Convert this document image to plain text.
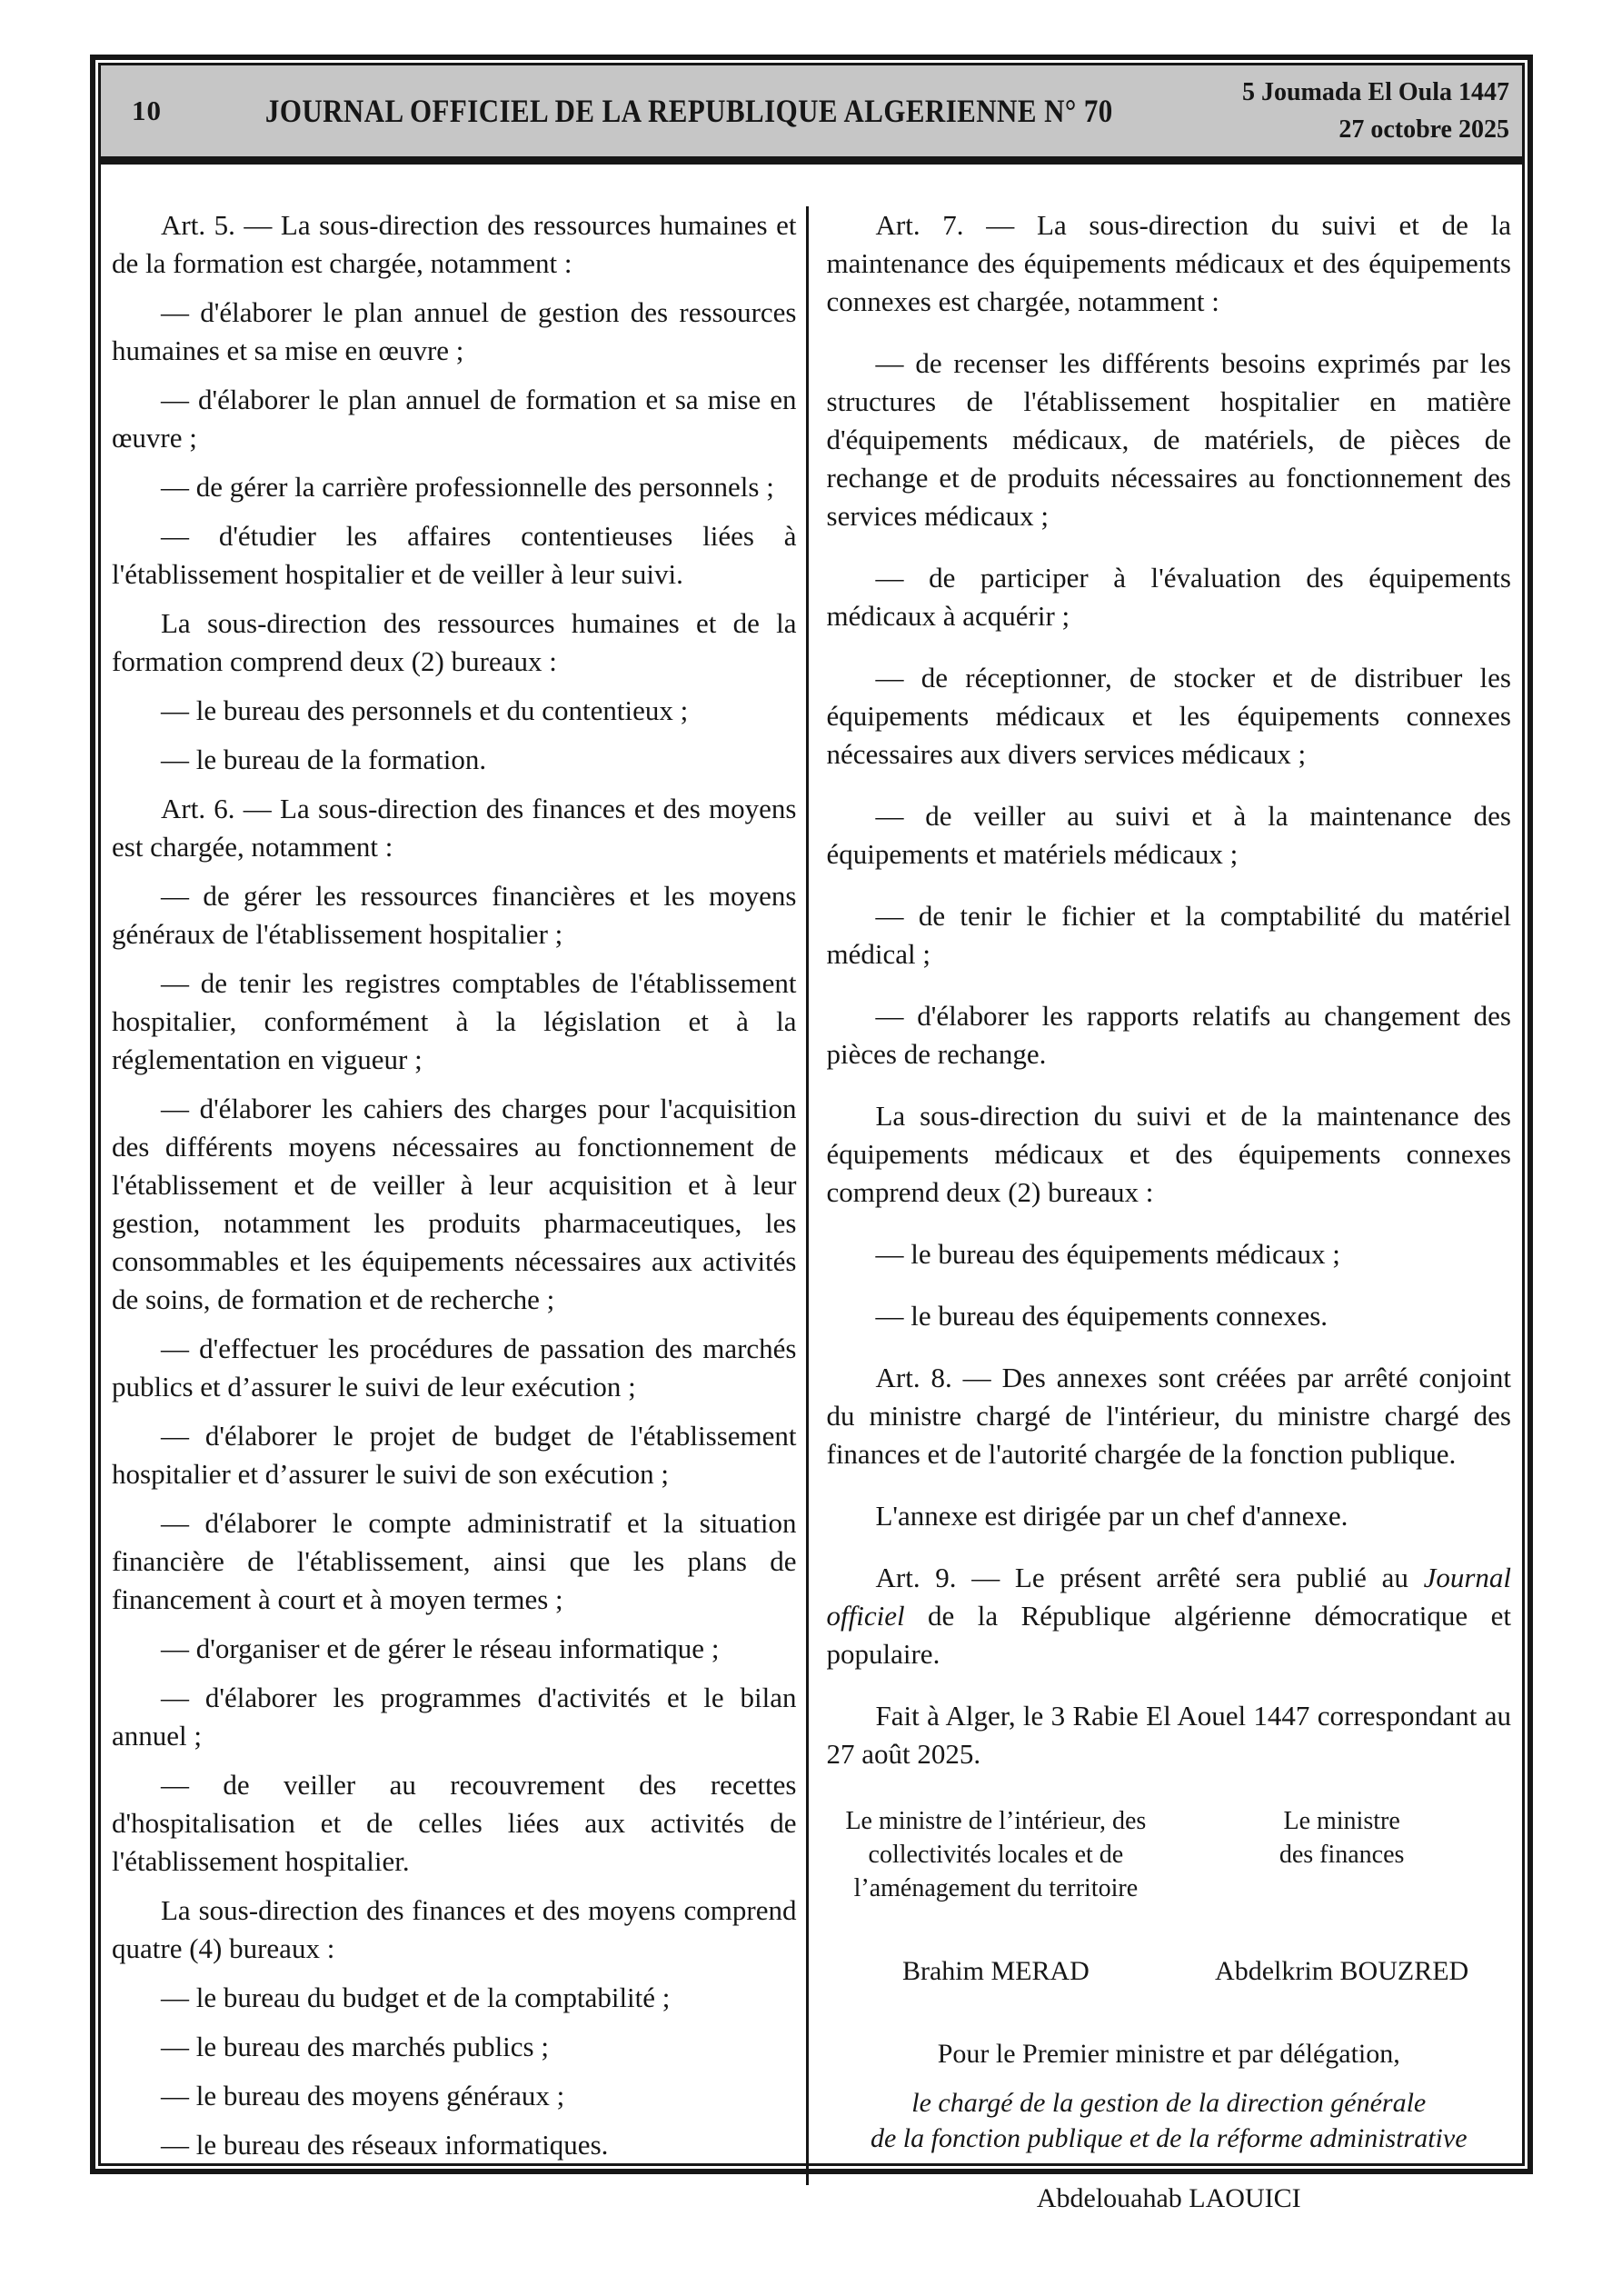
10	JOURNAL OFFICIEL DE LA REPUBLIQUE ALGERIENNE N° 70
5 Joumada El Oula 1447
27 octobre 2025

Art. 5. — La sous-direction des ressources humaines et de la formation est chargée, notamment :

— d'élaborer le plan annuel de gestion des ressources humaines et sa mise en œuvre ;

— d'élaborer le plan annuel de formation et sa mise en œuvre ;

— de gérer la carrière professionnelle des personnels ;

— d'étudier les affaires contentieuses liées à l'établissement hospitalier et de veiller à leur suivi.

La sous-direction des ressources humaines et de la formation comprend deux (2) bureaux :

— le bureau des personnels et du contentieux ;

— le bureau de la formation.

Art. 6. — La sous-direction des finances et des moyens est chargée, notamment :

— de gérer les ressources financières et les moyens généraux de l'établissement hospitalier ;

— de tenir les registres comptables de l'établissement hospitalier, conformément à la législation et à la réglementation en vigueur ;

— d'élaborer les cahiers des charges pour l'acquisition des différents moyens nécessaires au fonctionnement de l'établissement et de veiller à leur acquisition et à leur gestion, notamment les produits pharmaceutiques, les consommables et les équipements nécessaires aux activités de soins, de formation et de recherche ;

— d'effectuer les procédures de passation des marchés publics et d’assurer le suivi de leur exécution ;

— d'élaborer le projet de budget de l'établissement hospitalier et d’assurer le suivi de son exécution ;

— d'élaborer le compte administratif et la situation financière de l'établissement, ainsi que les plans de financement à court et à moyen termes ;

— d'organiser et de gérer le réseau informatique ;

— d'élaborer les programmes d'activités et le bilan annuel ;

— de veiller au recouvrement des recettes d'hospitalisation et de celles liées aux activités de l'établissement hospitalier.

La sous-direction des finances et des moyens comprend quatre (4) bureaux :

— le bureau du budget et de la comptabilité ;

— le bureau des marchés publics ;

— le bureau des moyens généraux ;

— le bureau des réseaux informatiques.

Art. 7. — La sous-direction du suivi et de la maintenance des équipements médicaux et des équipements connexes est chargée, notamment :

— de recenser les différents besoins exprimés par les structures de l'établissement hospitalier en matière d'équipements médicaux, de matériels, de pièces de rechange et de produits nécessaires au fonctionnement des services médicaux ;

— de participer à l'évaluation des équipements médicaux à acquérir ;

— de réceptionner, de stocker et de distribuer les équipements médicaux et les équipements connexes nécessaires aux divers services médicaux ;

— de veiller au suivi et à la maintenance des équipements et matériels médicaux ;

— de tenir le fichier et la comptabilité du matériel médical ;

— d'élaborer les rapports relatifs au changement des pièces de rechange.

La sous-direction du suivi et de la maintenance des équipements médicaux et des équipements connexes comprend deux (2) bureaux :

— le bureau des équipements médicaux ;

— le bureau des équipements connexes.

Art. 8. — Des annexes sont créées par arrêté conjoint du ministre chargé de l'intérieur, du ministre chargé des finances et de l'autorité chargée de la fonction publique.

L'annexe est dirigée par un chef d'annexe.

Art. 9. — Le présent arrêté sera publié au Journal officiel de la République algérienne démocratique et populaire.

Fait à Alger, le 3 Rabie El Aouel 1447 correspondant au 27 août 2025.

Le ministre de l’intérieur, des
collectivités locales et de
l’aménagement du territoire
Le ministre
des finances
Brahim MERAD	Abdelkrim BOUZRED
Pour le Premier ministre et par délégation,
le chargé de la gestion de la direction générale
de la fonction publique et de la réforme administrative
Abdelouahab LAOUICI
